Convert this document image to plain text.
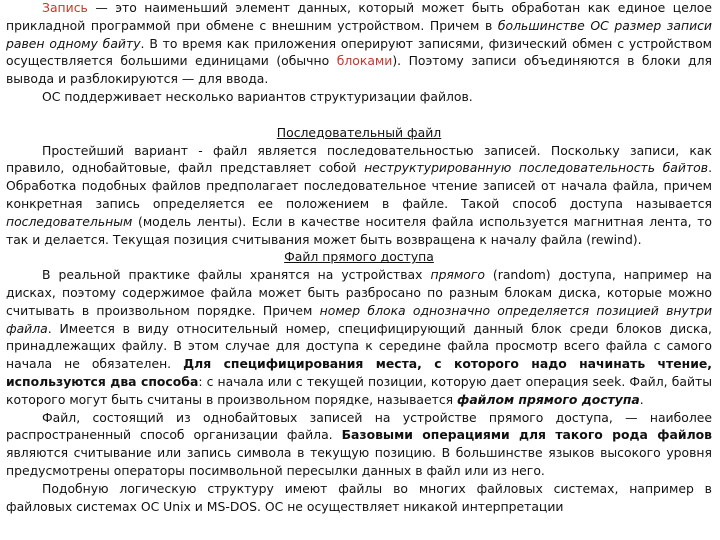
Запись — это наименьший элемент данных, который может быть обработан как единое целое прикладной программой при обмене с внешним устройством. Причем в большинстве ОС размер записи равен одному байту. В то время как приложения оперируют записями, физический обмен с устройством осуществляется большими единицами (обычно блоками). Поэтому записи объединяются в блоки для вывода и разблокируются — для ввода.

ОС поддерживает несколько вариантов структуризации файлов.

Последовательный файл

Простейший вариант - файл является последовательностью записей. Поскольку записи, как правило, однобайтовые, файл представляет собой неструктурированную последовательность байтов. Обработка подобных файлов предполагает последовательное чтение записей от начала файла, причем конкретная запись определяется ее положением в файле. Такой способ доступа называется последовательным (модель ленты). Если в качестве носителя файла используется магнитная лента, то так и делается. Текущая позиция считывания может быть возвращена к началу файла (rewind).

Файл прямого доступа

В реальной практике файлы хранятся на устройствах прямого (random) доступа, например на дисках, поэтому содержимое файла может быть разбросано по разным блокам диска, которые можно считывать в произвольном порядке. Причем номер блока однозначно определяется позицией внутри файла. Имеется в виду относительный номер, специфицирующий данный блок среди блоков диска, принадлежащих файлу. В этом случае для доступа к середине файла просмотр всего файла с самого начала не обязателен. Для специфицирования места, с которого надо начинать чтение, используются два способа: с начала или с текущей позиции, которую дает операция seek. Файл, байты которого могут быть считаны в произвольном порядке, называется файлом прямого доступа.

Файл, состоящий из однобайтовых записей на устройстве прямого доступа, — наиболее распространенный способ организации файла. Базовыми операциями для такого рода файлов являются считывание или запись символа в текущую позицию. В большинстве языков высокого уровня предусмотрены операторы посимвольной пересылки данных в файл или из него.

Подобную логическую структуру имеют файлы во многих файловых системах, например в файловых системах ОС Unix и MS-DOS. ОС не осуществляет никакой интерпретации
